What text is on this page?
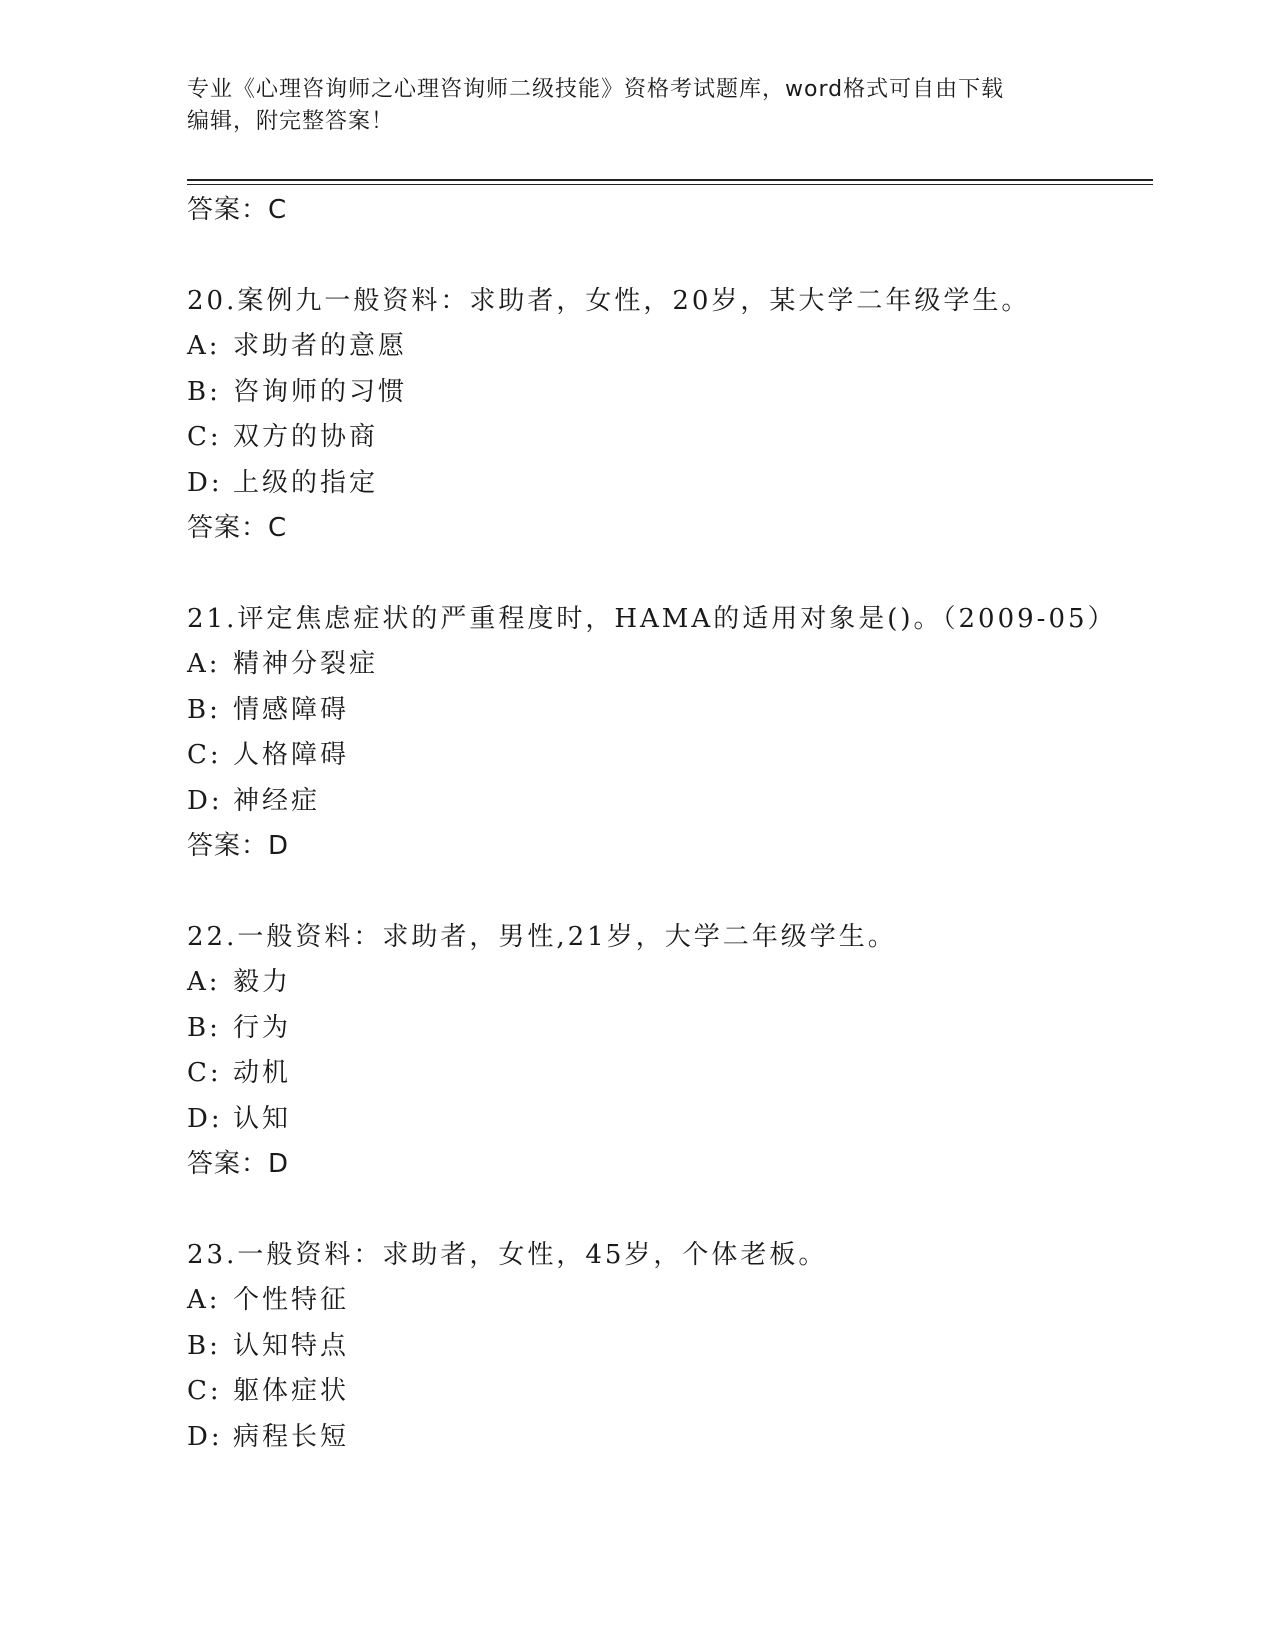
专业《心理咨询师之心理咨询师二级技能》资格考试题库，word格式可自由下载
编辑，附完整答案！
答案：C
20.案例九一般资料：求助者，女性，20岁，某大学二年级学生。
A: 求助者的意愿
B: 咨询师的习惯
C: 双方的协商
D: 上级的指定
答案：C
21.评定焦虑症状的严重程度时，HAMA的适用对象是()。（2009-05）
A: 精神分裂症
B: 情感障碍
C: 人格障碍
D: 神经症
答案：D
22.一般资料：求助者，男性,21岁，大学二年级学生。
A: 毅力
B: 行为
C: 动机
D: 认知
答案：D
23.一般资料：求助者，女性，45岁，个体老板。
A: 个性特征
B: 认知特点
C: 躯体症状
D: 病程长短
